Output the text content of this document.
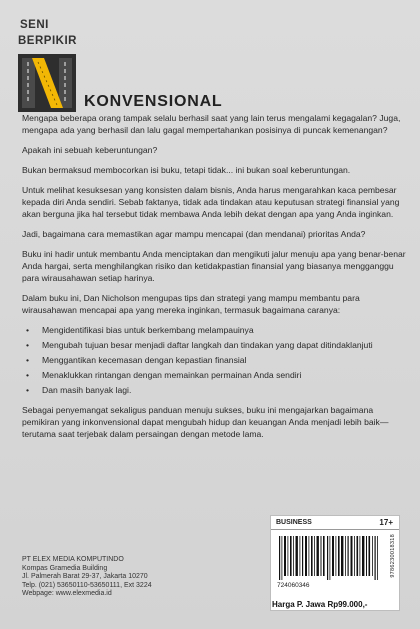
SENI
BERPIKIR
KONVENSIONAL

Mengapa beberapa orang tampak selalu berhasil saat yang lain terus mengalami kegagalan? Juga, mengapa ada yang berhasil dan lalu gagal mempertahankan posisinya di puncak kemenangan?

Apakah ini sebuah keberuntungan?

Bukan bermaksud membocorkan isi buku, tetapi tidak... ini bukan soal keberuntungan.

Untuk melihat kesuksesan yang konsisten dalam bisnis, Anda harus mengarahkan kaca pembesar kepada diri Anda sendiri. Sebab faktanya, tidak ada tindakan atau keputusan strategi finansial yang akan berguna jika hal tersebut tidak membawa Anda lebih dekat dengan apa yang Anda inginkan.

Jadi, bagaimana cara memastikan agar mampu mencapai (dan mendanai) prioritas Anda?

Buku ini hadir untuk membantu Anda menciptakan dan mengikuti jalur menuju apa yang benar-benar Anda hargai, serta menghilangkan risiko dan ketidakpastian finansial yang biasanya mengganggu para wirausahawan setiap harinya.

Dalam buku ini, Dan Nicholson mengupas tips dan strategi yang mampu membantu para wirausahawan mencapai apa yang mereka inginkan, termasuk bagaimana caranya:

• Mengidentifikasi bias untuk berkembang melampauinya
• Mengubah tujuan besar menjadi daftar langkah dan tindakan yang dapat ditindaklanjuti
• Menggantikan kecemasan dengan kepastian finansial
• Menaklukkan rintangan dengan memainkan permainan Anda sendiri
• Dan masih banyak lagi.

Sebagai penyemangat sekaligus panduan menuju sukses, buku ini mengajarkan bagaimana pemikiran yang inkonvensional dapat mengubah hidup dan keuangan Anda menjadi lebih baik—terutama saat terjebak dalam persaingan dengan metode lama.

PT ELEX MEDIA KOMPUTINDO
Kompas Gramedia Building
Jl. Palmerah Barat 29-37, Jakarta 10270
Telp. (021) 53650110-53650111, Ext 3224
Webpage: www.elexmedia.id
BUSINESS	17+
9786230018318
724060346
Harga P. Jawa Rp99.000,-
